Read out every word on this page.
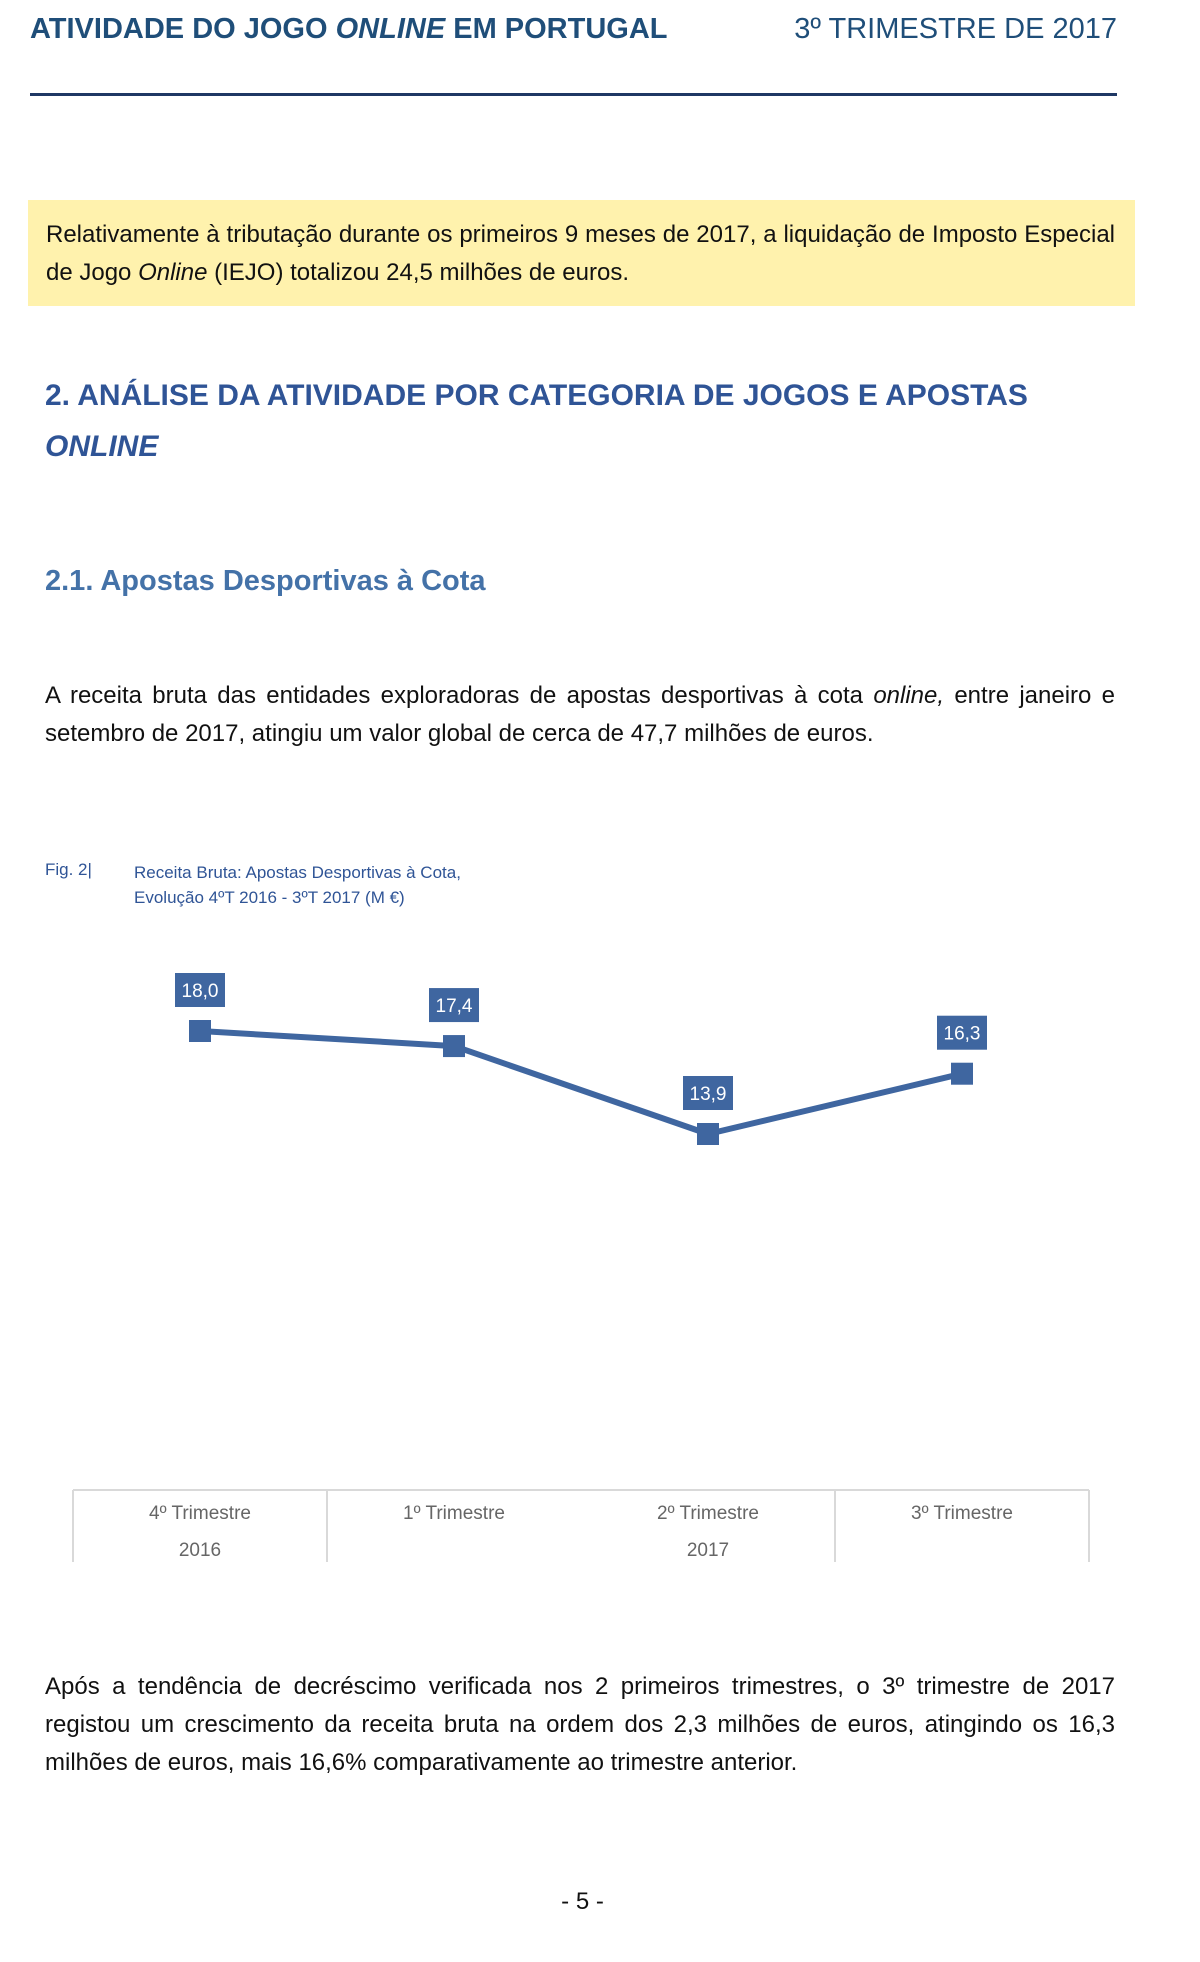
ATIVIDADE DO JOGO ONLINE EM PORTUGAL	3º TRIMESTRE DE 2017
Relativamente à tributação durante os primeiros 9 meses de 2017, a liquidação de Imposto Especial de Jogo Online (IEJO) totalizou 24,5 milhões de euros.
2. ANÁLISE DA ATIVIDADE POR CATEGORIA DE JOGOS E APOSTAS
ONLINE
2.1. Apostas Desportivas à Cota
A receita bruta das entidades exploradoras de apostas desportivas à cota online, entre janeiro e setembro de 2017, atingiu um valor global de cerca de 47,7 milhões de euros.
Fig. 2| Receita Bruta: Apostas Desportivas à Cota,
Evolução 4ºT 2016 - 3ºT 2017 (M €)
18,0
17,4
13,9
16,3
4º Trimestre
2016
1º Trimestre	2º Trimestre
2017
3º Trimestre
Após a tendência de decréscimo verificada nos 2 primeiros trimestres, o 3º trimestre de 2017 registou um crescimento da receita bruta na ordem dos 2,3 milhões de euros, atingindo os 16,3 milhões de euros, mais 16,6% comparativamente ao trimestre anterior.
- 5 -
